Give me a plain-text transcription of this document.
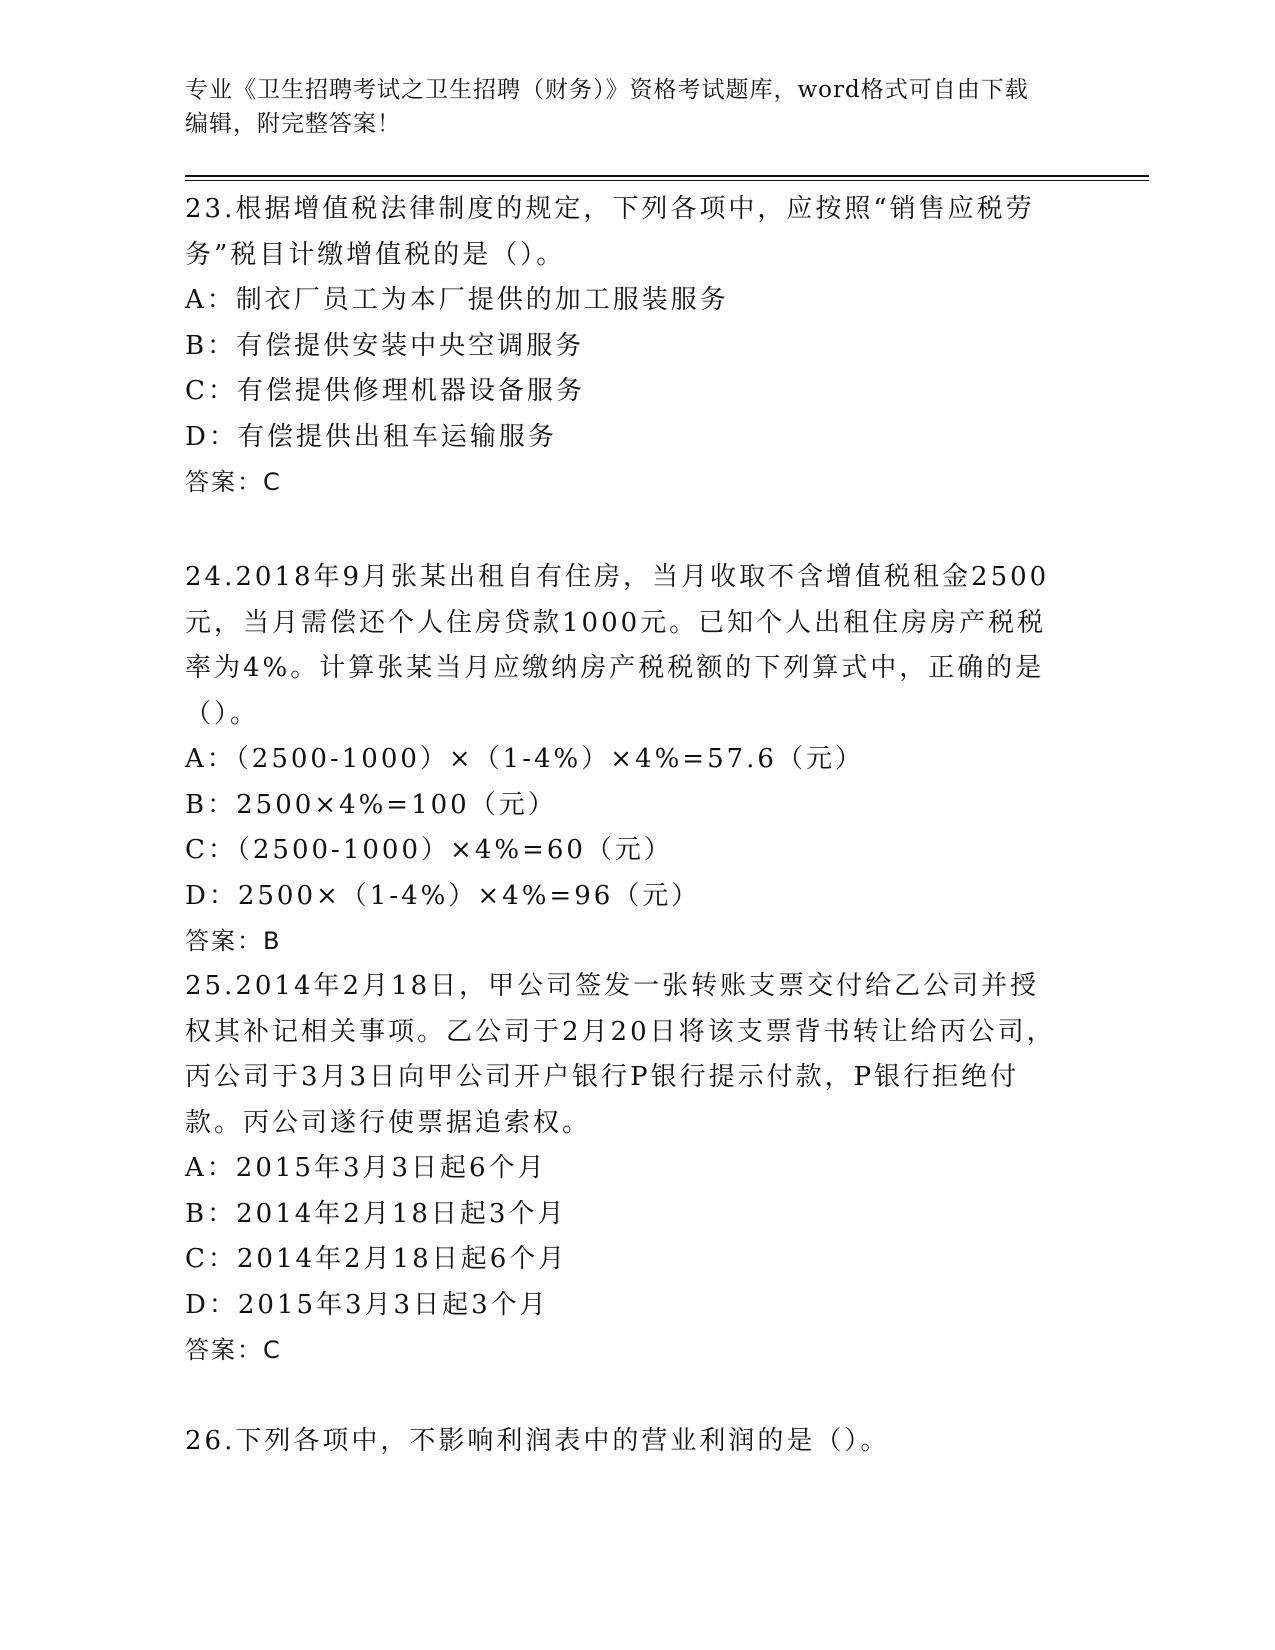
专业《卫生招聘考试之卫生招聘（财务）》资格考试题库，word格式可自由下载
编辑，附完整答案！
23.根据增值税法律制度的规定，下列各项中，应按照“销售应税劳务”税目计缴增值税的是（）。
A：制衣厂员工为本厂提供的加工服装服务
B：有偿提供安装中央空调服务
C：有偿提供修理机器设备服务
D：有偿提供出租车运输服务
答案：C
24.2018年9月张某出租自有住房，当月收取不含增值税租金2500元，当月需偿还个人住房贷款1000元。已知个人出租住房房产税税率为4%。计算张某当月应缴纳房产税税额的下列算式中，正确的是（）。
A：（2500-1000）×（1-4%）×4%=57.6（元）
B：2500×4%=100（元）
C：（2500-1000）×4%=60（元）
D：2500×（1-4%）×4%=96（元）
答案：B
25.2014年2月18日，甲公司签发一张转账支票交付给乙公司并授权其补记相关事项。乙公司于2月20日将该支票背书转让给丙公司，丙公司于3月3日向甲公司开户银行P银行提示付款，P银行拒绝付款。丙公司遂行使票据追索权。
A：2015年3月3日起6个月
B：2014年2月18日起3个月
C：2014年2月18日起6个月
D：2015年3月3日起3个月
答案：C
26.下列各项中，不影响利润表中的营业利润的是（）。
